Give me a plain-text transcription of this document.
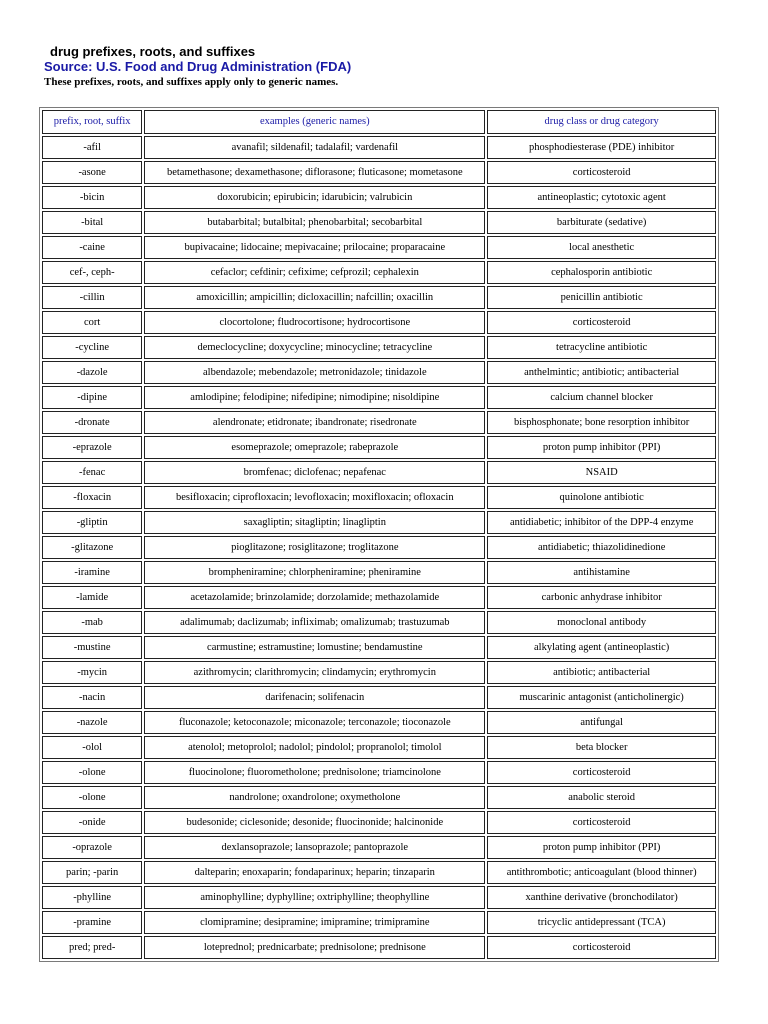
drug prefixes, roots, and suffixes

Source: U.S. Food and Drug Administration (FDA)

These prefixes, roots, and suffixes apply only to generic names.

prefix, root, suffix	examples (generic names)	drug class or drug category
-afil	avanafil; sildenafil; tadalafil; vardenafil	phosphodiesterase (PDE) inhibitor
-asone	betamethasone; dexamethasone; diflorasone; fluticasone; mometasone	corticosteroid
-bicin	doxorubicin; epirubicin; idarubicin; valrubicin	antineoplastic; cytotoxic agent
-bital	butabarbital; butalbital; phenobarbital; secobarbital	barbiturate (sedative)
-caine	bupivacaine; lidocaine; mepivacaine; prilocaine; proparacaine	local anesthetic
cef-, ceph-	cefaclor; cefdinir; cefixime; cefprozil; cephalexin	cephalosporin antibiotic
-cillin	amoxicillin; ampicillin; dicloxacillin; nafcillin; oxacillin	penicillin antibiotic
cort	clocortolone; fludrocortisone; hydrocortisone	corticosteroid
-cycline	demeclocycline; doxycycline; minocycline; tetracycline	tetracycline antibiotic
-dazole	albendazole; mebendazole; metronidazole; tinidazole	anthelmintic; antibiotic; antibacterial
-dipine	amlodipine; felodipine; nifedipine; nimodipine; nisoldipine	calcium channel blocker
-dronate	alendronate; etidronate; ibandronate; risedronate	bisphosphonate; bone resorption inhibitor
-eprazole	esomeprazole; omeprazole; rabeprazole	proton pump inhibitor (PPI)
-fenac	bromfenac; diclofenac; nepafenac	NSAID
-floxacin	besifloxacin; ciprofloxacin; levofloxacin; moxifloxacin; ofloxacin	quinolone antibiotic
-gliptin	saxagliptin; sitagliptin; linagliptin	antidiabetic; inhibitor of the DPP-4 enzyme
-glitazone	pioglitazone; rosiglitazone; troglitazone	antidiabetic; thiazolidinedione
-iramine	brompheniramine; chlorpheniramine; pheniramine	antihistamine
-lamide	acetazolamide; brinzolamide; dorzolamide; methazolamide	carbonic anhydrase inhibitor
-mab	adalimumab; daclizumab; infliximab; omalizumab; trastuzumab	monoclonal antibody
-mustine	carmustine; estramustine; lomustine; bendamustine	alkylating agent (antineoplastic)
-mycin	azithromycin; clarithromycin; clindamycin; erythromycin	antibiotic; antibacterial
-nacin	darifenacin; solifenacin	muscarinic antagonist (anticholinergic)
-nazole	fluconazole; ketoconazole; miconazole; terconazole; tioconazole	antifungal
-olol	atenolol; metoprolol; nadolol; pindolol; propranolol; timolol	beta blocker
-olone	fluocinolone; fluorometholone; prednisolone; triamcinolone	corticosteroid
-olone	nandrolone; oxandrolone; oxymetholone	anabolic steroid
-onide	budesonide; ciclesonide; desonide; fluocinonide; halcinonide	corticosteroid
-oprazole	dexlansoprazole; lansoprazole; pantoprazole	proton pump inhibitor (PPI)
parin; -parin	dalteparin; enoxaparin; fondaparinux; heparin; tinzaparin	antithrombotic; anticoagulant (blood thinner)
-phylline	aminophylline; dyphylline; oxtriphylline; theophylline	xanthine derivative (bronchodilator)
-pramine	clomipramine; desipramine; imipramine; trimipramine	tricyclic antidepressant (TCA)
pred; pred-	loteprednol; prednicarbate; prednisolone; prednisone	corticosteroid
